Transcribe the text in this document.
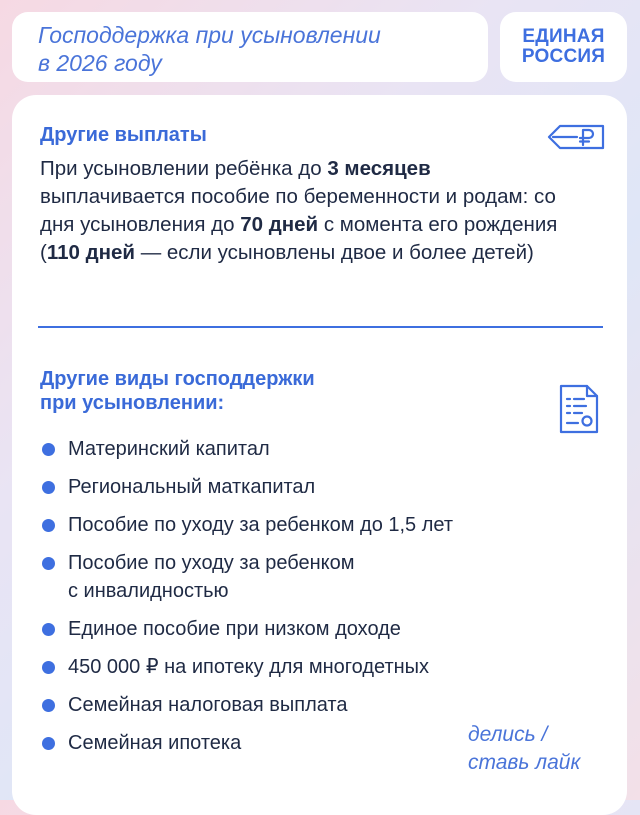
Господдержка при усыновлении
в 2026 году

ЕДИНАЯ
РОССИЯ
Другие выплаты

При усыновлении ребёнка до 3 месяцев выплачивается пособие по беременности и родам: со дня усыновления до 70 дней с момента его рождения (110 дней — если усыновлены двое и более детей)

Другие виды господдержки
при усыновлении:
Материнский капитал
Региональный маткапитал
Пособие по уходу за ребенком до 1,5 лет
Пособие по уходу за ребенком
с инвалидностью
Единое пособие при низком доходе
450 000 ₽ на ипотеку для многодетных
Семейная налоговая выплата
Семейная ипотека	делись /
ставь лайк
